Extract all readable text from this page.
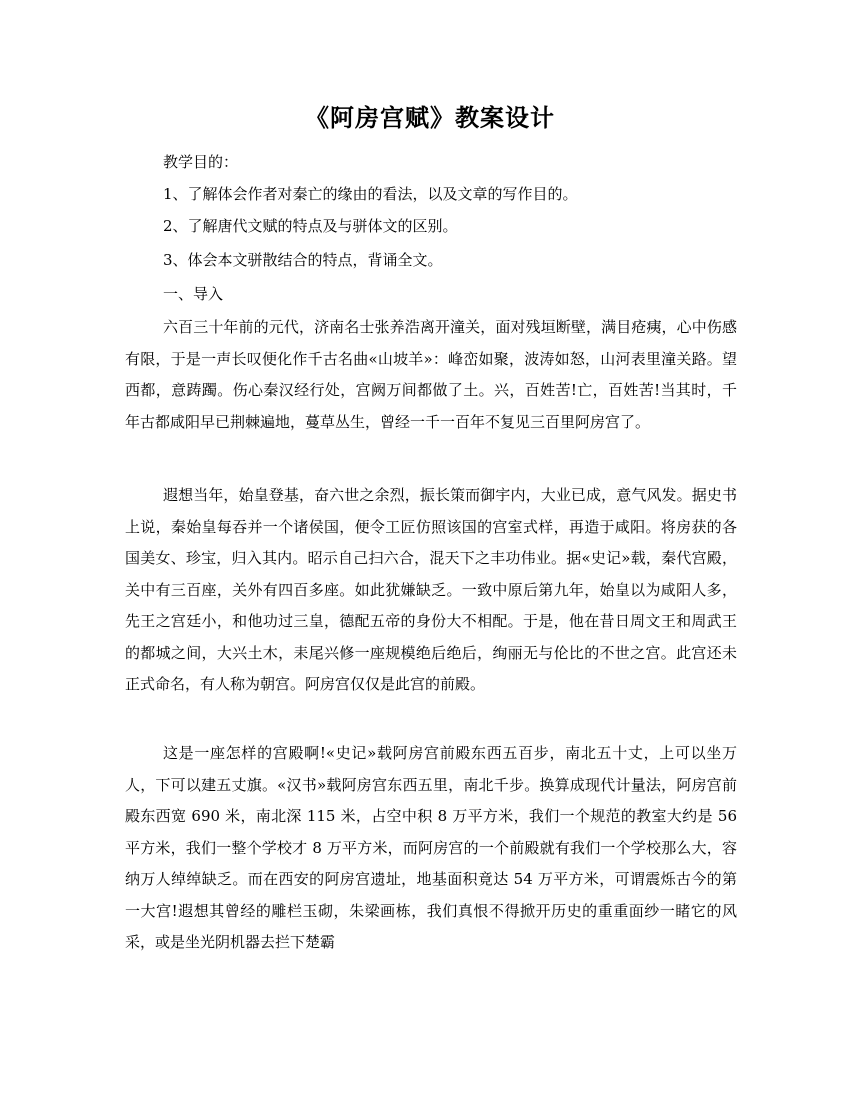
《阿房宫赋》教案设计
教学目的：
1、了解体会作者对秦亡的缘由的看法，以及文章的写作目的。
2、了解唐代文赋的特点及与骈体文的区别。
3、体会本文骈散结合的特点，背诵全文。
一、导入
六百三十年前的元代，济南名士张养浩离开潼关，面对残垣断壁，满目疮痍，心中伤感有限，于是一声长叹便化作千古名曲«山坡羊»：峰峦如聚，波涛如怒，山河表里潼关路。望西都，意踌躅。伤心秦汉经行处，宫阙万间都做了土。兴，百姓苦!亡，百姓苦!当其时，千年古都咸阳早已荆棘遍地，蔓草丛生，曾经一千一百年不复见三百里阿房宫了。
遐想当年，始皇登基，奋六世之余烈，振长策而御宇内，大业已成，意气风发。据史书上说，秦始皇每吞并一个诸侯国，便令工匠仿照该国的宫室式样，再造于咸阳。将房获的各国美女、珍宝，归入其内。昭示自己扫六合，混天下之丰功伟业。据«史记»载，秦代宫殿，关中有三百座，关外有四百多座。如此犹嫌缺乏。一致中原后第九年，始皇以为咸阳人多，先王之宫廷小，和他功过三皇，德配五帝的身份大不相配。于是，他在昔日周文王和周武王的都城之间，大兴土木，耒尾兴修一座规模绝后绝后，绚丽无与伦比的不世之宫。此宫还未正式命名，有人称为朝宫。阿房宫仅仅是此宫的前殿。
这是一座怎样的宫殿啊!«史记»载阿房宫前殿东西五百步，南北五十丈，上可以坐万人，下可以建五丈旗。«汉书»载阿房宫东西五里，南北千步。换算成现代计量法，阿房宫前殿东西宽 690 米，南北深 115 米，占空中积 8 万平方米，我们一个规范的教室大约是 56 平方米，我们一整个学校才 8 万平方米，而阿房宫的一个前殿就有我们一个学校那么大，容纳万人绰绰缺乏。而在西安的阿房宫遗址，地基面积竟达 54 万平方米，可谓震烁古今的第一大宫!遐想其曾经的雕栏玉砌，朱梁画栋，我们真恨不得掀开历史的重重面纱一睹它的风采，或是坐光阴机器去拦下楚霸
